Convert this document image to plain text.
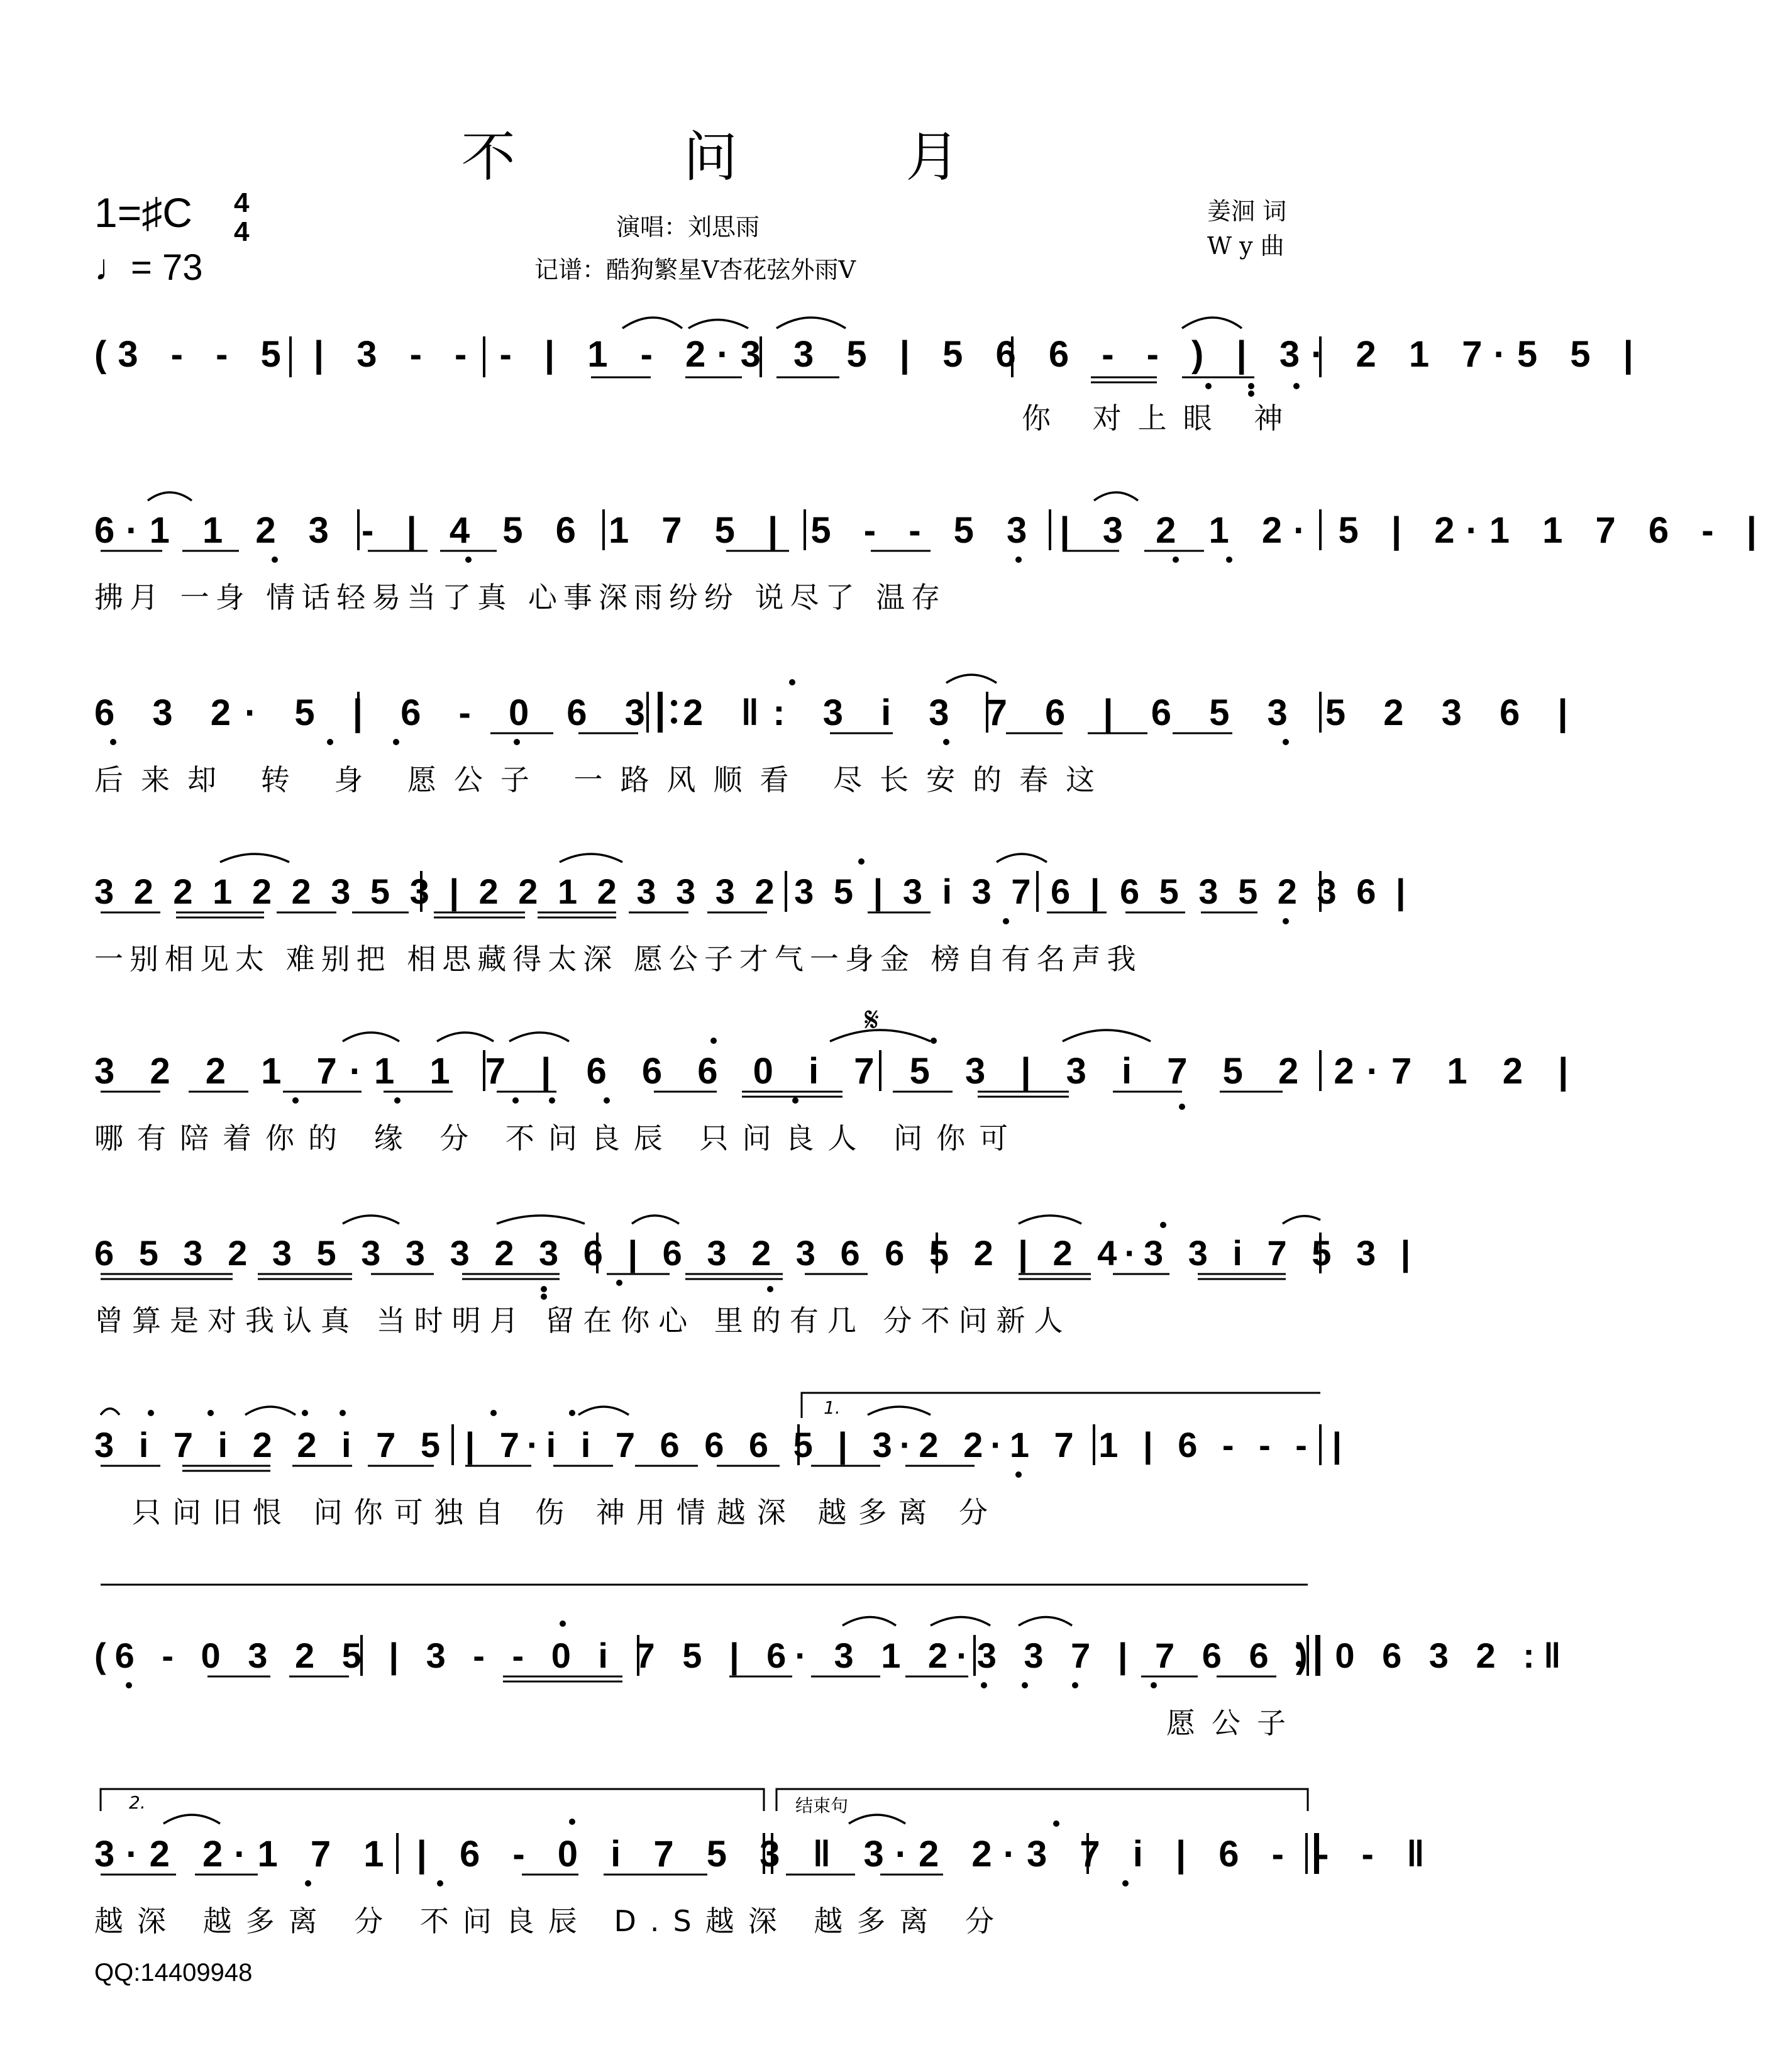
不 问 月
1=♯C 4
4
♩= 73
演唱：刘思雨
记谱：酷狗繁星V杏花弦外雨V
姜洄 词
W y 曲
𝄋
1.
2.	结束句
(3 - - 5 | 3 - - - | 1 - 2·3 3 5 | 5 6 6 - - ) | 3· 2 1 7·5 5 |
你 对上眼 神
6·1 1 2 3 - | 4 5 6 1 7 5 | 5 - - 5 3 | 3 2 1 2· 5 | 2·1 1 7 6 - |
拂月 一身 情话轻易当了真 心事深雨纷纷 说尽了 温存
6 3 2· 5 | 6 - 0 6 3 2 ‖: 3 i 3 7 6 | 6 5 3 5 2 3 6 |
后来却 转 身 愿公子 一路风顺看 尽长安的春这
3 2 2 1 2 2 3 5 3 | 2 2 1 2 3 3 3 2 3 5 | 3 i 3 7 6 | 6 5 3 5 2 3 6 |
一别相见太 难别把 相思藏得太深 愿公子才气一身金 榜自有名声我
3 2 2 1 7·1 1 7 | 6 6 6 0 i 7 5 3 | 3 i 7 5 2 2·7 1 2 |
哪有陪着你的 缘 分 不问良辰 只问良人 问你可
6 5 3 2 3 5 3 3 3 2 3 6 | 6 3 2 3 6 6 5 2 | 2 4·3 3 i 7 5 3 |
曾算是对我认真 当时明月 留在你心 里的有几 分不问新人
3 i 7 i 2 2 i 7 5 | 7·i i 7 6 6 6 5 | 3·2 2·1 7 1 | 6 - - - |
只问旧恨 问你可独自 伤 神用情越深 越多离 分
(6 - 0 3 2 5 | 3 - - 0 i 7 5 | 6· 3 1 2·3 3 7 | 7 6 6 ) 0 6 3 2 :‖
愿公子
3·2 2·1 7 1 | 6 - 0 i 7 5 3 ‖ 3·2 2·3 7 i | 6 - - - ‖
越深 越多离 分 不问良辰 D.S越深 越多离 分
QQ:14409948
